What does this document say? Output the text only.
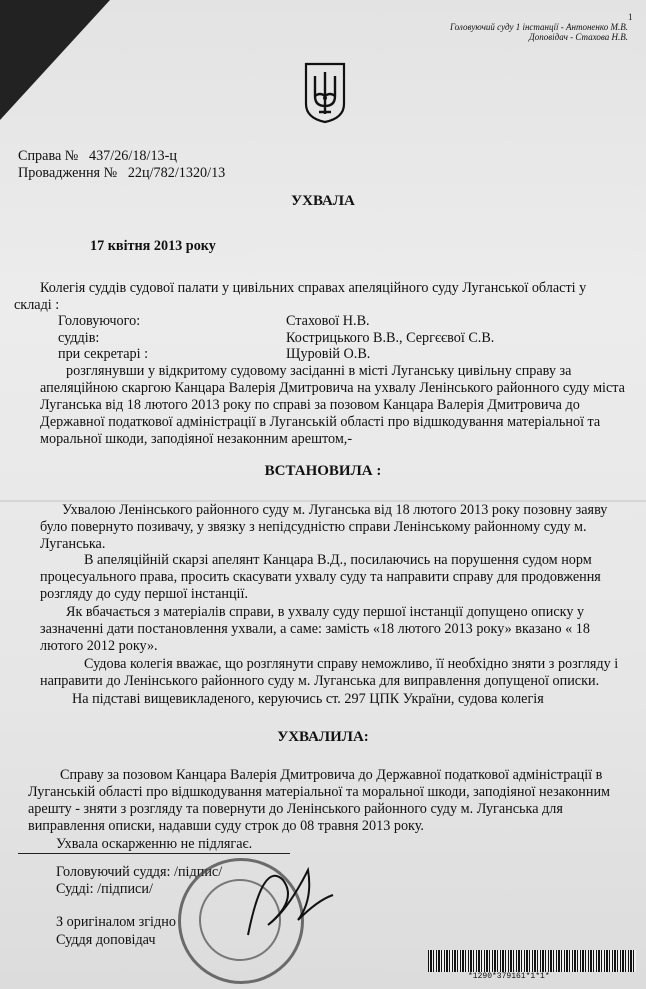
Головуючий суду 1 інстанції - Антоненко М.В.
Доповідач - Стахова Н.В.
1
Справа № 437/26/18/13-ц
Провадження № 22ц/782/1320/13
УХВАЛА
17 квітня 2013 року
Колегія суддів судової палати у цивільних справах апеляційного суду Луганської області у
складі :
Головуючого:	Стахової Н.В.
суддів:	Кострицького В.В., Сергєєвої С.В.
при секретарі :	Щуровій О.В.
розглянувши у відкритому судовому засіданні в місті Луганську цивільну справу за
апеляційною скаргою Канцара Валерія Дмитровича на ухвалу Ленінського районного суду міста
Луганська від 18 лютого 2013 року по справі за позовом Канцара Валерія Дмитровича до
Державної податкової адміністрації в Луганській області про відшкодування матеріальної та
моральної шкоди, заподіяної незаконним арештом,-
ВСТАНОВИЛА :
Ухвалою Ленінського районного суду м. Луганська від 18 лютого 2013 року позовну заяву
було повернуто позивачу, у звязку з непідсудністю справи Ленінському районному суду м.
Луганська.
В апеляційній скарзі апелянт Канцара В.Д., посилаючись на порушення судом норм
процесуального права, просить скасувати ухвалу суду та направити справу для продовження
розгляду до суду першої інстанції.
Як вбачається з матеріалів справи, в ухвалу суду першої інстанції допущено описку у
зазначенні дати постановлення ухвали, а саме: замість «18 лютого 2013 року» вказано « 18
лютого 2012 року».
Судова колегія вважає, що розглянути справу неможливо, її необхідно зняти з розгляду і
направити до Ленінського районного суду м. Луганська для виправлення допущеної описки.
На підставі вищевикладеного, керуючись ст. 297 ЦПК України, судова колегія
УХВАЛИЛА:
Справу за позовом Канцара Валерія Дмитровича до Державної податкової адміністрації в
Луганській області про відшкодування матеріальної та моральної шкоди, заподіяної незаконним
арешту - зняти з розгляду та повернути до Ленінського районного суду м. Луганська для
виправлення описки, надавши суду строк до 08 травня 2013 року.
Ухвала оскарженню не підлягає.
Головуючий суддя: /підпис/
Судді: /підписи/
З оригіналом згідно
Суддя доповідач
*1290*379161*1*1*
